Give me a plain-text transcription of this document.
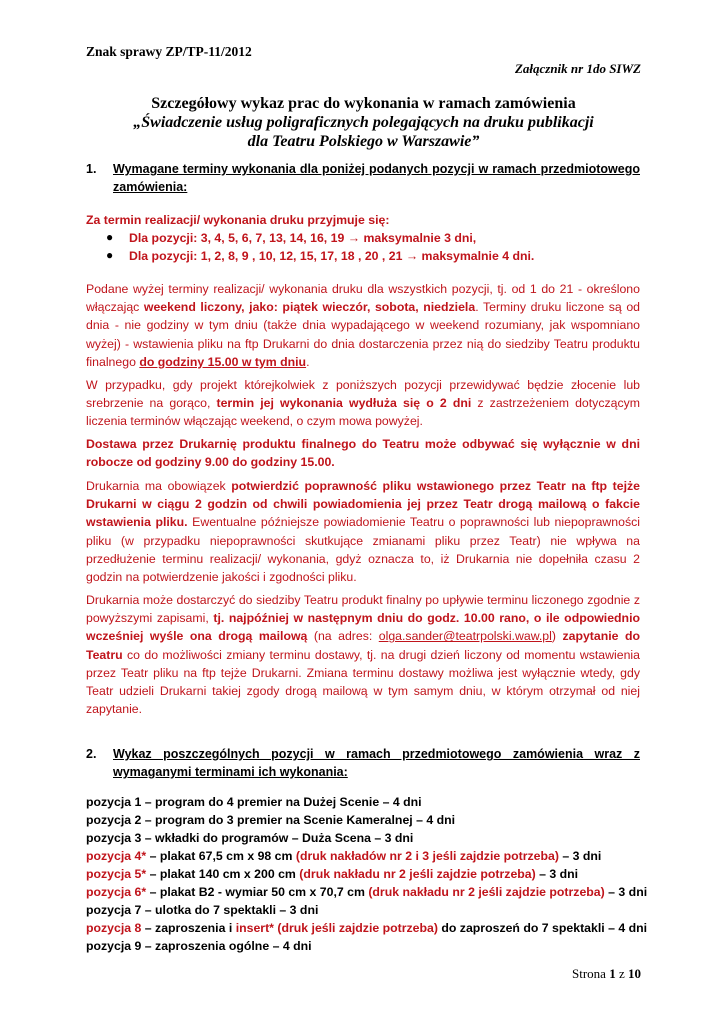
Znak sprawy ZP/TP-11/2012
Załącznik nr 1do SIWZ
Szczegółowy wykaz prac do wykonania w ramach zamówienia
„Świadczenie usług poligraficznych polegających na druku publikacji
dla Teatru Polskiego w Warszawie”
1. Wymagane terminy wykonania dla poniżej podanych pozycji w ramach przedmiotowego zamówienia:
Za termin realizacji/ wykonania druku przyjmuje się:
● Dla pozycji: 3, 4, 5, 6, 7, 13, 14, 16, 19 → maksymalnie 3 dni,
● Dla pozycji: 1, 2, 8, 9 , 10, 12, 15, 17, 18 , 20 , 21 → maksymalnie 4 dni.
Podane wyżej terminy realizacji/ wykonania druku dla wszystkich pozycji, tj. od 1 do 21 - określono włączając weekend liczony, jako: piątek wieczór, sobota, niedziela. Terminy druku liczone są od dnia - nie godziny w tym dniu (także dnia wypadającego w weekend rozumiany, jak wspomniano wyżej) - wstawienia pliku na ftp Drukarni do dnia dostarczenia przez nią do siedziby Teatru produktu finalnego do godziny 15.00 w tym dniu.
W przypadku, gdy projekt którejkolwiek z poniższych pozycji przewidywać będzie złocenie lub srebrzenie na gorąco, termin jej wykonania wydłuża się o 2 dni z zastrzeżeniem dotyczącym liczenia terminów włączając weekend, o czym mowa powyżej.
Dostawa przez Drukarnię produktu finalnego do Teatru może odbywać się wyłącznie w dni robocze od godziny 9.00 do godziny 15.00.
Drukarnia ma obowiązek potwierdzić poprawność pliku wstawionego przez Teatr na ftp tejże Drukarni w ciągu 2 godzin od chwili powiadomienia jej przez Teatr drogą mailową o fakcie wstawienia pliku. Ewentualne późniejsze powiadomienie Teatru o poprawności lub niepoprawności pliku (w przypadku niepoprawności skutkujące zmianami pliku przez Teatr) nie wpływa na przedłużenie terminu realizacji/ wykonania, gdyż oznacza to, iż Drukarnia nie dopełniła czasu 2 godzin na potwierdzenie jakości i zgodności pliku.
Drukarnia może dostarczyć do siedziby Teatru produkt finalny po upływie terminu liczonego zgodnie z powyższymi zapisami, tj. najpóźniej w następnym dniu do godz. 10.00 rano, o ile odpowiednio wcześniej wyśle ona drogą mailową (na adres: olga.sander@teatrpolski.waw.pl) zapytanie do Teatru co do możliwości zmiany terminu dostawy, tj. na drugi dzień liczony od momentu wstawienia przez Teatr pliku na ftp tejże Drukarni. Zmiana terminu dostawy możliwa jest wyłącznie wtedy, gdy Teatr udzieli Drukarni takiej zgody drogą mailową w tym samym dniu, w którym otrzymał od niej zapytanie.
2. Wykaz poszczególnych pozycji w ramach przedmiotowego zamówienia wraz z wymaganymi terminami ich wykonania:
pozycja 1 – program do 4 premier na Dużej Scenie – 4 dni
pozycja 2 – program do 3 premier na Scenie Kameralnej – 4 dni
pozycja 3 – wkładki do programów – Duża Scena – 3 dni
pozycja 4* – plakat 67,5 cm x 98 cm (druk nakładów nr 2 i 3 jeśli zajdzie potrzeba) – 3 dni
pozycja 5* – plakat 140 cm x 200 cm (druk nakładu nr 2 jeśli zajdzie potrzeba) – 3 dni
pozycja 6* – plakat B2 - wymiar 50 cm x 70,7 cm (druk nakładu nr 2 jeśli zajdzie potrzeba) – 3 dni
pozycja 7 – ulotka do 7 spektakli – 3 dni
pozycja 8 – zaproszenia i insert* (druk jeśli zajdzie potrzeba) do zaproszeń do 7 spektakli – 4 dni
pozycja 9 – zaproszenia ogólne – 4 dni
Strona 1 z 10
